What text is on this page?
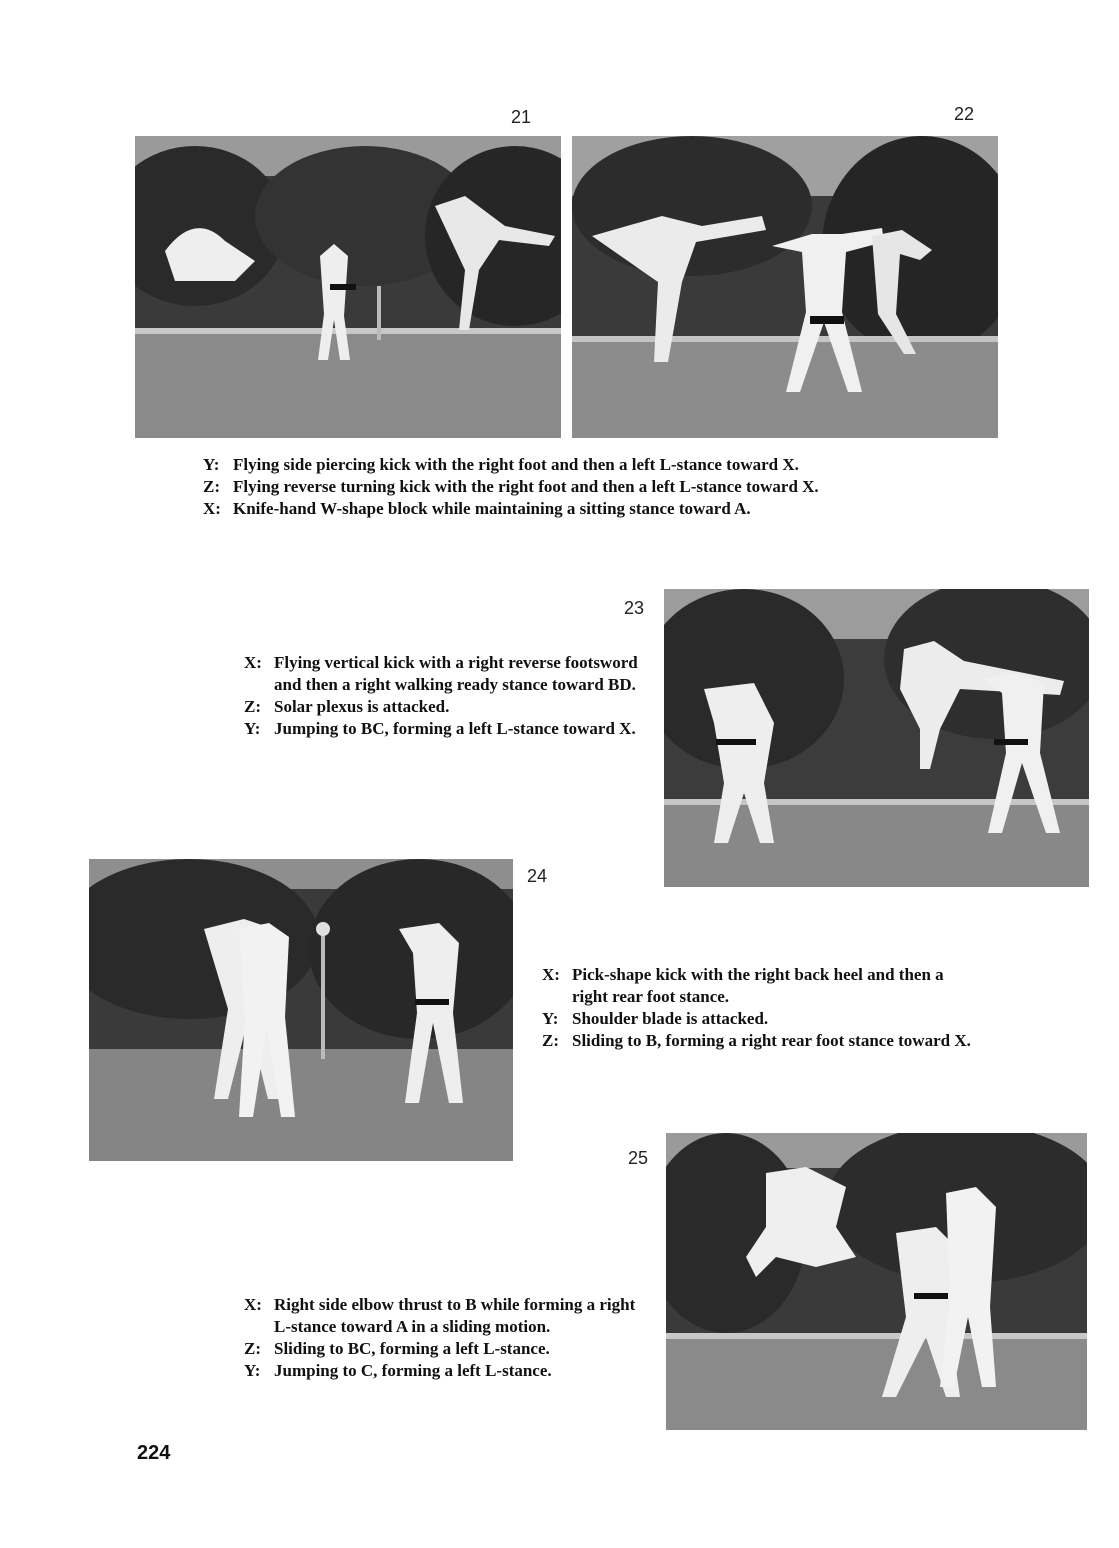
21	22
23
24
25
Y: Flying side piercing kick with the right foot and then a left L-stance toward X.
Z: Flying reverse turning kick with the right foot and then a left L-stance toward X.
X: Knife-hand W-shape block while maintaining a sitting stance toward A.
X: Flying vertical kick with a right reverse footsword and then a right walking ready stance toward BD.
Z: Solar plexus is attacked.
Y: Jumping to BC, forming a left L-stance toward X.
X: Pick-shape kick with the right back heel and then a right rear foot stance.
Y: Shoulder blade is attacked.
Z: Sliding to B, forming a right rear foot stance toward X.
X: Right side elbow thrust to B while forming a right L-stance toward A in a sliding motion.
Z: Sliding to BC, forming a left L-stance.
Y: Jumping to C, forming a left L-stance.
224
